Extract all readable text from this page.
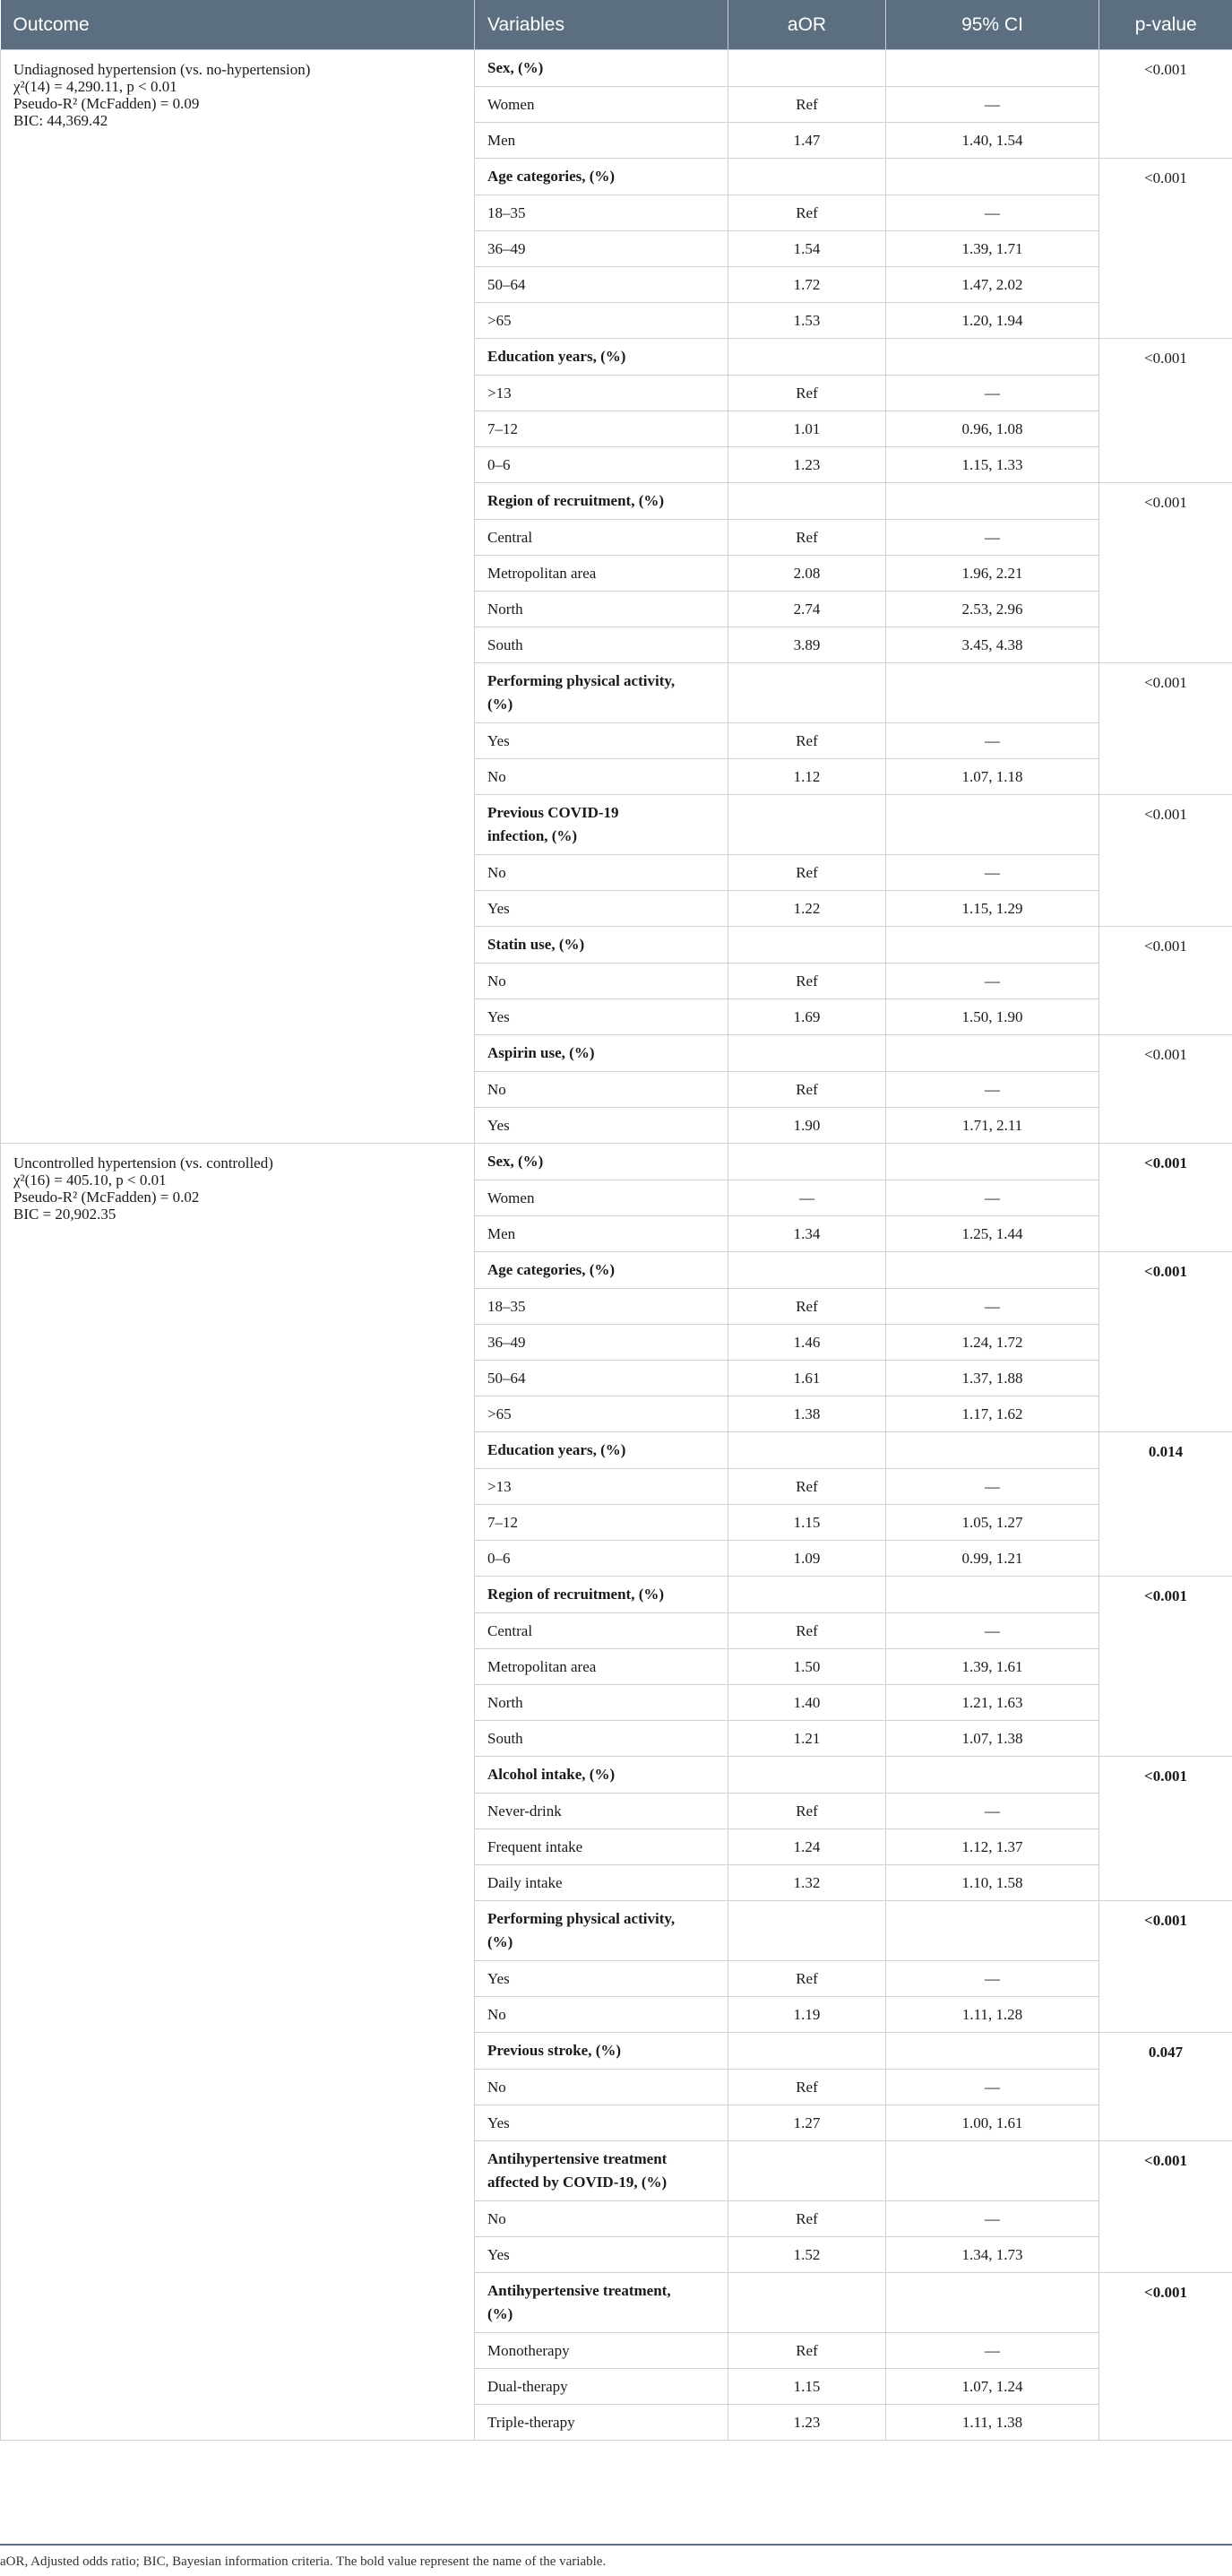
Outcome	Variables	aOR	95% CI	p-value

Undiagnosed hypertension (vs. no-hypertension)
χ²(14) = 4,290.11, p < 0.01
Pseudo-R² (McFadden) = 0.09
BIC: 44,369.42	Sex, (%)			<0.001
	Women	Ref	—	
	Men	1.47	1.40, 1.54	
	Age categories, (%)			<0.001
	18–35	Ref	—	
	36–49	1.54	1.39, 1.71	
	50–64	1.72	1.47, 2.02	
	>65	1.53	1.20, 1.94	
	Education years, (%)			<0.001
	>13	Ref	—	
	7–12	1.01	0.96, 1.08	
	0–6	1.23	1.15, 1.33	
	Region of recruitment, (%)			<0.001
	Central	Ref	—	
	Metropolitan area	2.08	1.96, 2.21	
	North	2.74	2.53, 2.96	
	South	3.89	3.45, 4.38	

	Performing physical activity,
(%)			<0.001
	Yes	Ref	—	
	No	1.12	1.07, 1.18	

	Previous COVID-19
infection, (%)			<0.001
	No	Ref	—	
	Yes	1.22	1.15, 1.29	
	Statin use, (%)			<0.001
	No	Ref	—	
	Yes	1.69	1.50, 1.90	
	Aspirin use, (%)			<0.001
	No	Ref	—	
	Yes	1.90	1.71, 2.11	

Uncontrolled hypertension (vs. controlled)
χ²(16) = 405.10, p < 0.01
Pseudo-R² (McFadden) = 0.02
BIC = 20,902.35	Sex, (%)			<0.001
	Women	—	—	
	Men	1.34	1.25, 1.44	
	Age categories, (%)			<0.001
	18–35	Ref	—	
	36–49	1.46	1.24, 1.72	
	50–64	1.61	1.37, 1.88	
	>65	1.38	1.17, 1.62	
	Education years, (%)			0.014
	>13	Ref	—	
	7–12	1.15	1.05, 1.27	
	0–6	1.09	0.99, 1.21	
	Region of recruitment, (%)			<0.001
	Central	Ref	—	
	Metropolitan area	1.50	1.39, 1.61	
	North	1.40	1.21, 1.63	
	South	1.21	1.07, 1.38	
	Alcohol intake, (%)			<0.001
	Never-drink	Ref	—	
	Frequent intake	1.24	1.12, 1.37	
	Daily intake	1.32	1.10, 1.58	

	Performing physical activity,
(%)			<0.001
	Yes	Ref	—	
	No	1.19	1.11, 1.28	
	Previous stroke, (%)			0.047
	No	Ref	—	
	Yes	1.27	1.00, 1.61	

	Antihypertensive treatment
affected by COVID-19, (%)			<0.001
	No	Ref	—	
	Yes	1.52	1.34, 1.73	

	Antihypertensive treatment,
(%)			<0.001
	Monotherapy	Ref	—	
	Dual-therapy	1.15	1.07, 1.24	
	Triple-therapy	1.23	1.11, 1.38	
aOR, Adjusted odds ratio; BIC, Bayesian information criteria. The bold value represent the name of the variable.
